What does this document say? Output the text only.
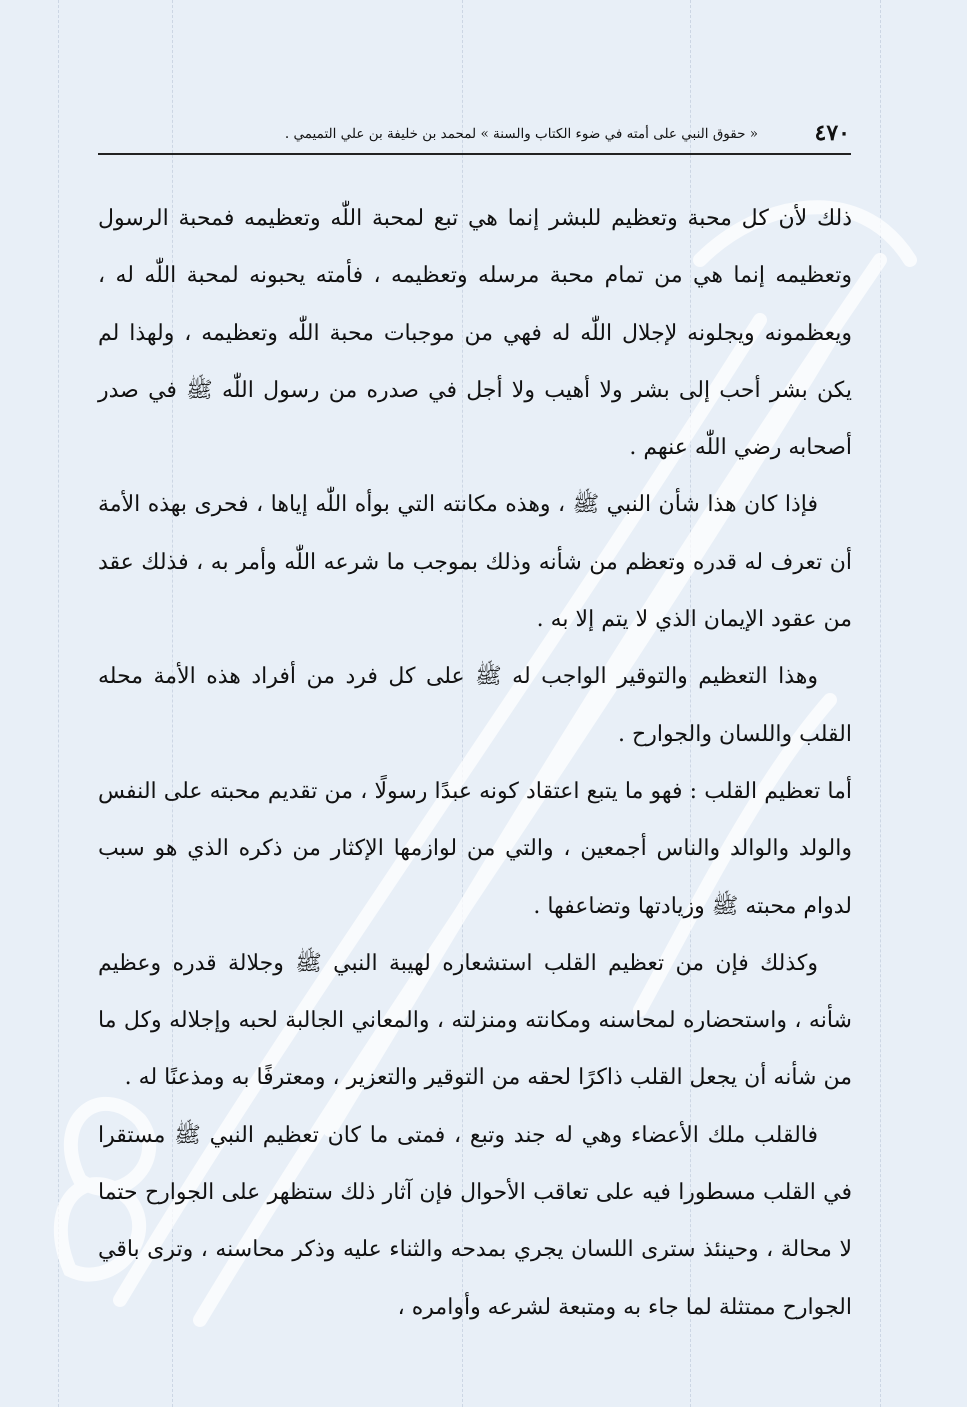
٤٧٠
« حقوق النبي على أمته في ضوء الكتاب والسنة » لمحمد بن خليفة بن علي التميمي .

ذلك لأن كل محبة وتعظيم للبشر إنما هي تبع لمحبة اللّٰه وتعظيمه فمحبة الرسول وتعظيمه إنما هي من تمام محبة مرسله وتعظيمه ، فأمته يحبونه لمحبة اللّٰه له ، ويعظمونه ويجلونه لإجلال اللّٰه له فهي من موجبات محبة اللّٰه وتعظيمه ، ولهذا لم يكن بشر أحب إلى بشر ولا أهيب ولا أجل في صدره من رسول اللّٰه ﷺ في صدر أصحابه رضي اللّٰه عنهم .

فإذا كان هذا شأن النبي ﷺ ، وهذه مكانته التي بوأه اللّٰه إياها ، فحرى بهذه الأمة أن تعرف له قدره وتعظم من شأنه وذلك بموجب ما شرعه اللّٰه وأمر به ، فذلك عقد من عقود الإيمان الذي لا يتم إلا به .

وهذا التعظيم والتوقير الواجب له ﷺ على كل فرد من أفراد هذه الأمة محله القلب واللسان والجوارح .

أما تعظيم القلب : فهو ما يتبع اعتقاد كونه عبدًا رسولًا ، من تقديم محبته على النفس والولد والوالد والناس أجمعين ، والتي من لوازمها الإكثار من ذكره الذي هو سبب لدوام محبته ﷺ وزيادتها وتضاعفها .

وكذلك فإن من تعظيم القلب استشعاره لهيبة النبي ﷺ وجلالة قدره وعظيم شأنه ، واستحضاره لمحاسنه ومكانته ومنزلته ، والمعاني الجالبة لحبه وإجلاله وكل ما من شأنه أن يجعل القلب ذاكرًا لحقه من التوقير والتعزير ، ومعترفًا به ومذعنًا له .

فالقلب ملك الأعضاء وهي له جند وتبع ، فمتى ما كان تعظيم النبي ﷺ مستقرا في القلب مسطورا فيه على تعاقب الأحوال فإن آثار ذلك ستظهر على الجوارح حتما لا محالة ، وحينئذ سترى اللسان يجري بمدحه والثناء عليه وذكر محاسنه ، وترى باقي الجوارح ممتثلة لما جاء به ومتبعة لشرعه وأوامره ،
